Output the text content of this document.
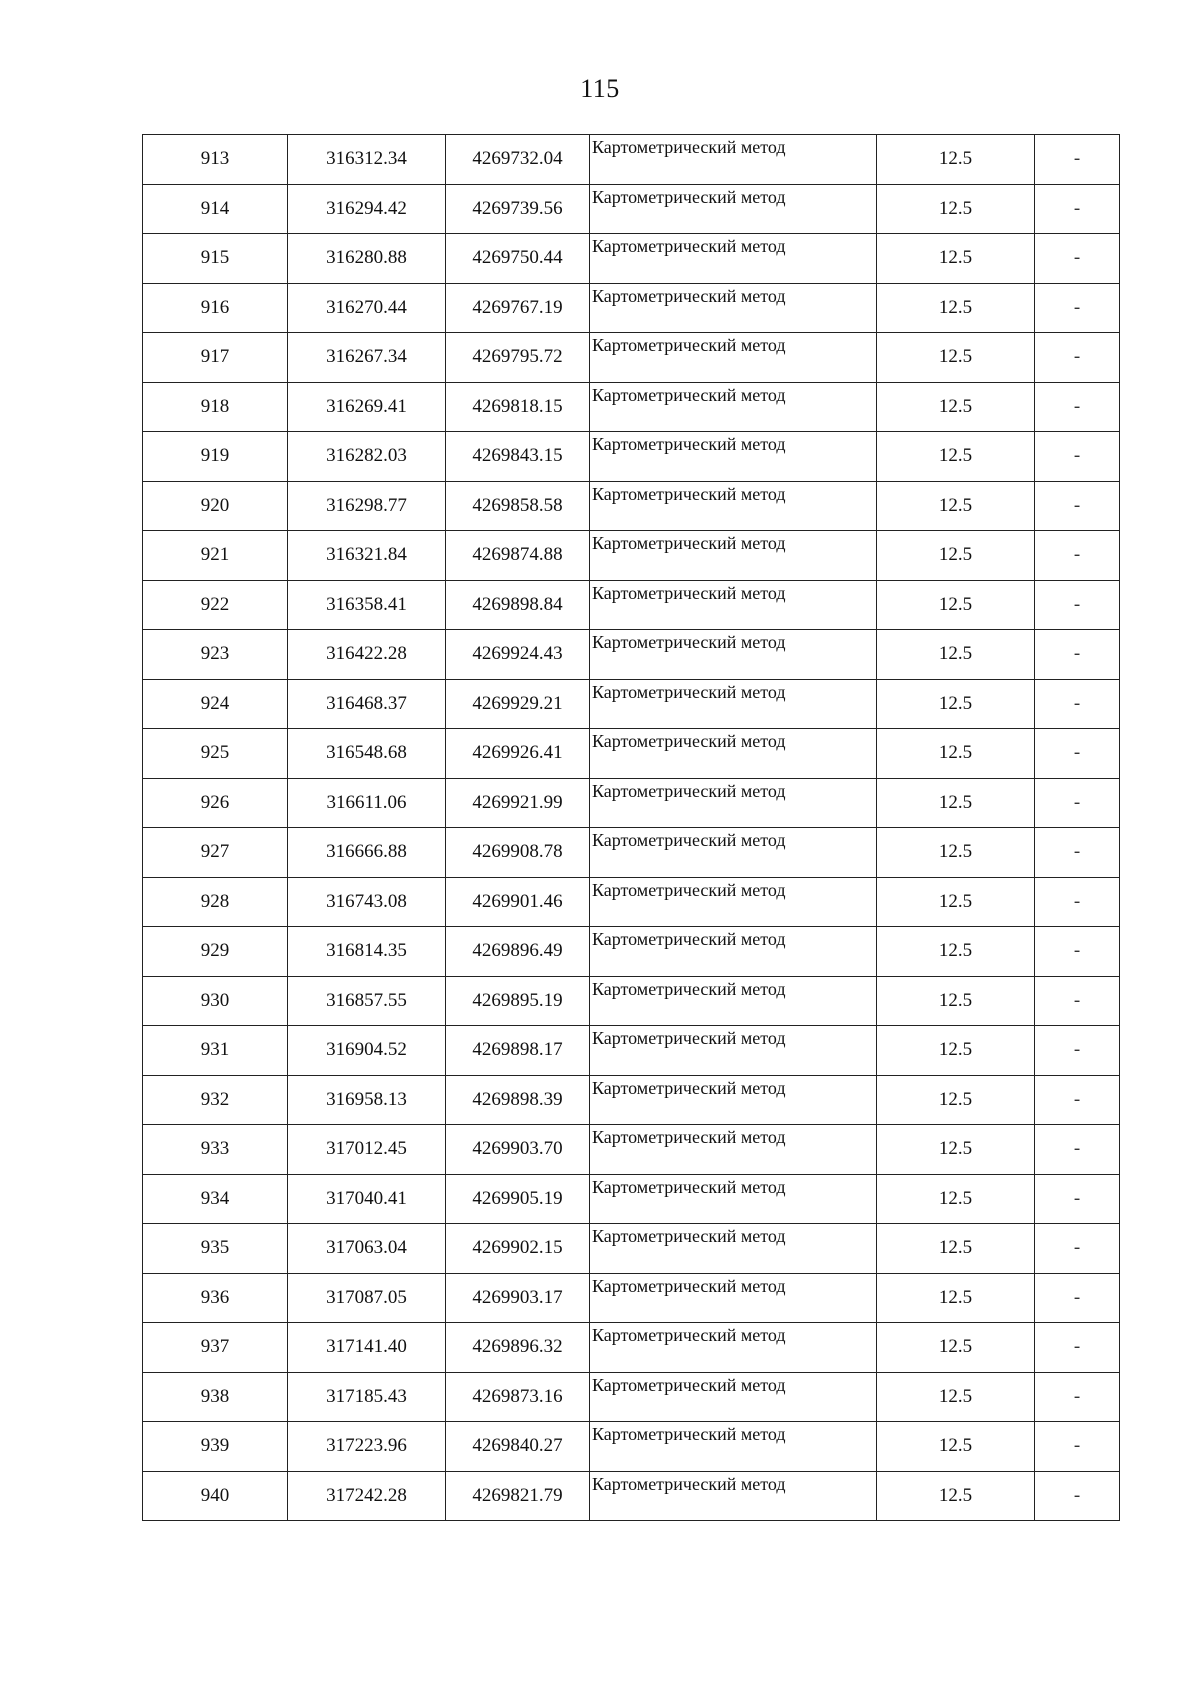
115
913	316312.34	4269732.04	Картометрический метод	12.5	-
914	316294.42	4269739.56	Картометрический метод	12.5	-
915	316280.88	4269750.44	Картометрический метод	12.5	-
916	316270.44	4269767.19	Картометрический метод	12.5	-
917	316267.34	4269795.72	Картометрический метод	12.5	-
918	316269.41	4269818.15	Картометрический метод	12.5	-
919	316282.03	4269843.15	Картометрический метод	12.5	-
920	316298.77	4269858.58	Картометрический метод	12.5	-
921	316321.84	4269874.88	Картометрический метод	12.5	-
922	316358.41	4269898.84	Картометрический метод	12.5	-
923	316422.28	4269924.43	Картометрический метод	12.5	-
924	316468.37	4269929.21	Картометрический метод	12.5	-
925	316548.68	4269926.41	Картометрический метод	12.5	-
926	316611.06	4269921.99	Картометрический метод	12.5	-
927	316666.88	4269908.78	Картометрический метод	12.5	-
928	316743.08	4269901.46	Картометрический метод	12.5	-
929	316814.35	4269896.49	Картометрический метод	12.5	-
930	316857.55	4269895.19	Картометрический метод	12.5	-
931	316904.52	4269898.17	Картометрический метод	12.5	-
932	316958.13	4269898.39	Картометрический метод	12.5	-
933	317012.45	4269903.70	Картометрический метод	12.5	-
934	317040.41	4269905.19	Картометрический метод	12.5	-
935	317063.04	4269902.15	Картометрический метод	12.5	-
936	317087.05	4269903.17	Картометрический метод	12.5	-
937	317141.40	4269896.32	Картометрический метод	12.5	-
938	317185.43	4269873.16	Картометрический метод	12.5	-
939	317223.96	4269840.27	Картометрический метод	12.5	-
940	317242.28	4269821.79	Картометрический метод	12.5	-
